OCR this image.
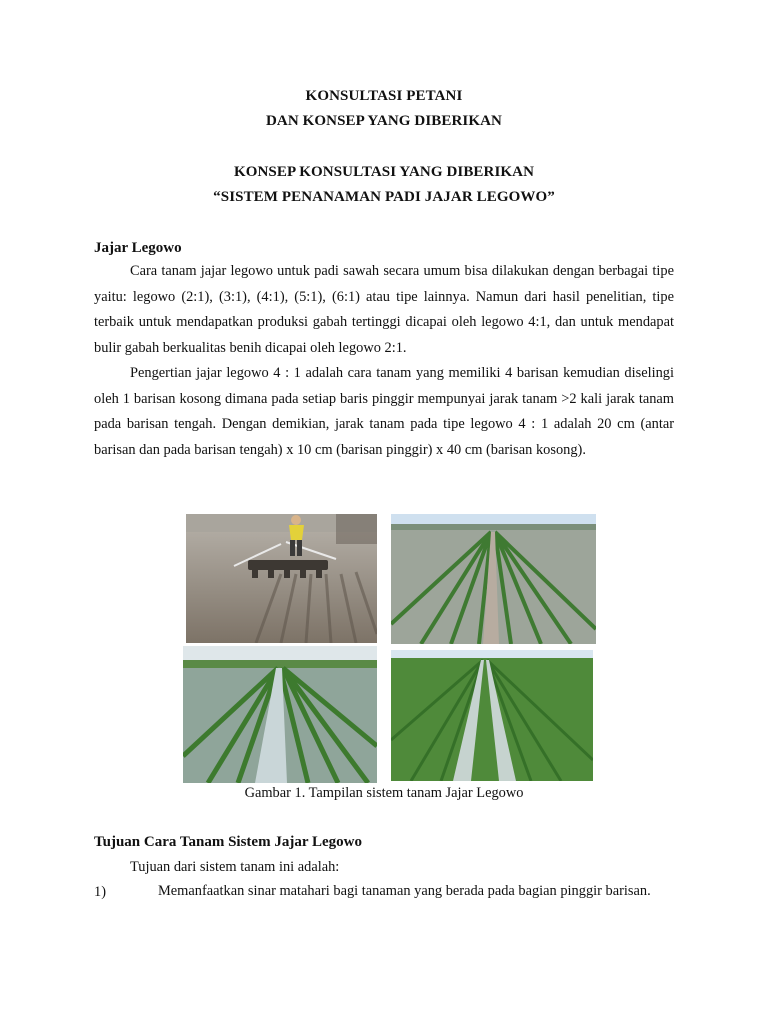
KONSULTASI PETANI
DAN KONSEP YANG DIBERIKAN
KONSEP KONSULTASI YANG DIBERIKAN
“SISTEM PENANAMAN PADI JAJAR LEGOWO”
Jajar Legowo

Cara tanam jajar legowo untuk padi sawah secara umum bisa dilakukan dengan berbagai tipe yaitu: legowo (2:1), (3:1), (4:1), (5:1), (6:1) atau tipe lainnya. Namun dari hasil penelitian, tipe terbaik untuk mendapatkan produksi gabah tertinggi dicapai oleh legowo 4:1, dan untuk mendapat bulir gabah berkualitas benih dicapai oleh legowo 2:1.

Pengertian jajar legowo 4 : 1 adalah cara tanam yang memiliki 4 barisan kemudian diselingi oleh 1 barisan kosong dimana pada setiap baris pinggir mempunyai jarak tanam >2 kali jarak tanam pada barisan tengah. Dengan demikian, jarak tanam pada tipe legowo 4 : 1 adalah 20 cm (antar barisan dan pada barisan tengah) x 10 cm (barisan pinggir) x 40 cm (barisan kosong).

Gambar 1. Tampilan sistem tanam Jajar Legowo
Tujuan Cara Tanam Sistem Jajar Legowo

Tujuan dari sistem tanam ini adalah:

1)	Memanfaatkan sinar matahari bagi tanaman yang berada pada bagian pinggir barisan.
